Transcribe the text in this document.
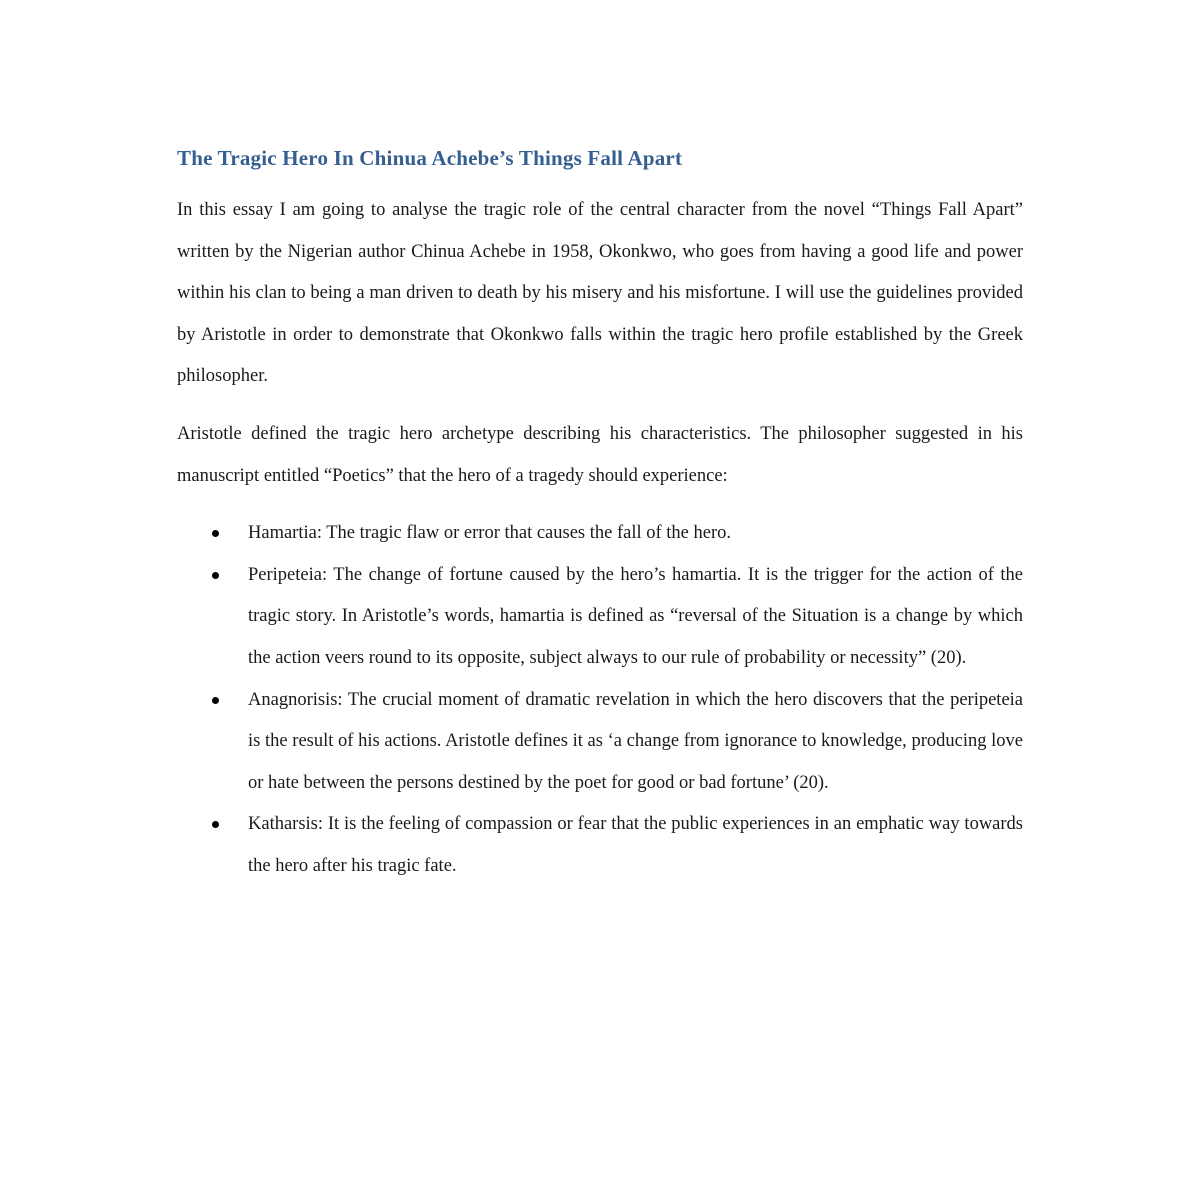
The Tragic Hero In Chinua Achebe’s Things Fall Apart

In this essay I am going to analyse the tragic role of the central character from the novel “Things Fall Apart” written by the Nigerian author Chinua Achebe in 1958, Okonkwo, who goes from having a good life and power within his clan to being a man driven to death by his misery and his misfortune. I will use the guidelines provided by Aristotle in order to demonstrate that Okonkwo falls within the tragic hero profile established by the Greek philosopher.

Aristotle defined the tragic hero archetype describing his characteristics. The philosopher suggested in his manuscript entitled “Poetics” that the hero of a tragedy should experience:

Hamartia: The tragic flaw or error that causes the fall of the hero.
Peripeteia: The change of fortune caused by the hero’s hamartia. It is the trigger for the action of the tragic story. In Aristotle’s words, hamartia is defined as “reversal of the Situation is a change by which the action veers round to its opposite, subject always to our rule of probability or necessity” (20).
Anagnorisis: The crucial moment of dramatic revelation in which the hero discovers that the peripeteia is the result of his actions. Aristotle defines it as ‘a change from ignorance to knowledge, producing love or hate between the persons destined by the poet for good or bad fortune’ (20).
Katharsis: It is the feeling of compassion or fear that the public experiences in an emphatic way towards the hero after his tragic fate.
